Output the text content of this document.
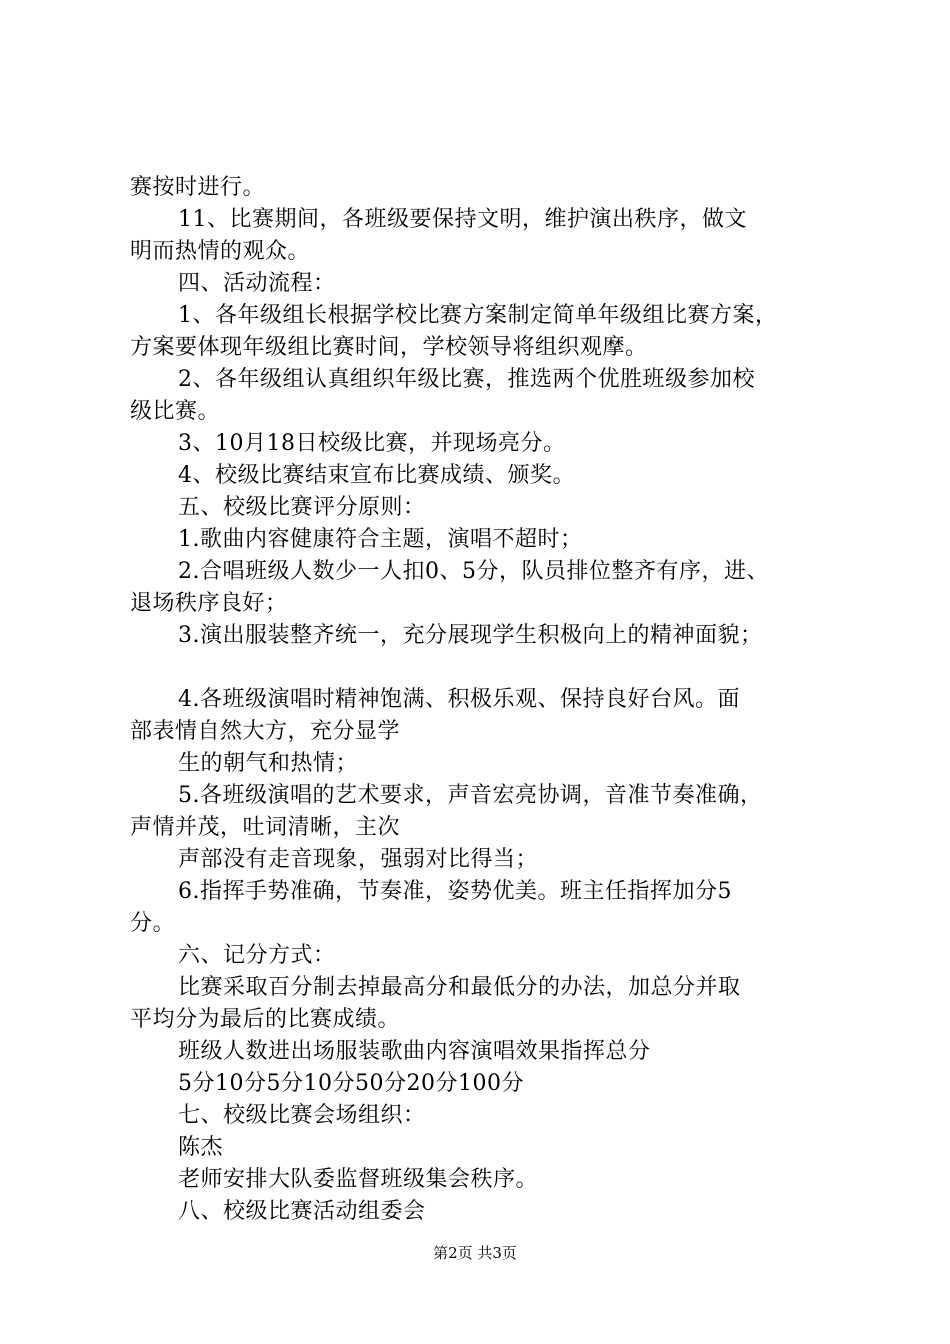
赛按时进行。
11、比赛期间，各班级要保持文明，维护演出秩序，做文
明而热情的观众。
四、活动流程：
1、各年级组长根据学校比赛方案制定简单年级组比赛方案，
方案要体现年级组比赛时间，学校领导将组织观摩。
2、各年级组认真组织年级比赛，推选两个优胜班级参加校
级比赛。
3、10月18日校级比赛，并现场亮分。
4、校级比赛结束宣布比赛成绩、颁奖。
五、校级比赛评分原则：
1.歌曲内容健康符合主题，演唱不超时；
2.合唱班级人数少一人扣0、5分，队员排位整齐有序，进、
退场秩序良好；
3.演出服装整齐统一，充分展现学生积极向上的精神面貌；
4.各班级演唱时精神饱满、积极乐观、保持良好台风。面
部表情自然大方，充分显学
生的朝气和热情；
5.各班级演唱的艺术要求，声音宏亮协调，音准节奏准确，
声情并茂，吐词清晰，主次
声部没有走音现象，强弱对比得当；
6.指挥手势准确，节奏准，姿势优美。班主任指挥加分5
分。
六、记分方式：
比赛采取百分制去掉最高分和最低分的办法，加总分并取
平均分为最后的比赛成绩。
班级人数进出场服装歌曲内容演唱效果指挥总分
5分10分5分10分50分20分100分
七、校级比赛会场组织：
陈杰
老师安排大队委监督班级集会秩序。
八、校级比赛活动组委会
第2页 共3页
